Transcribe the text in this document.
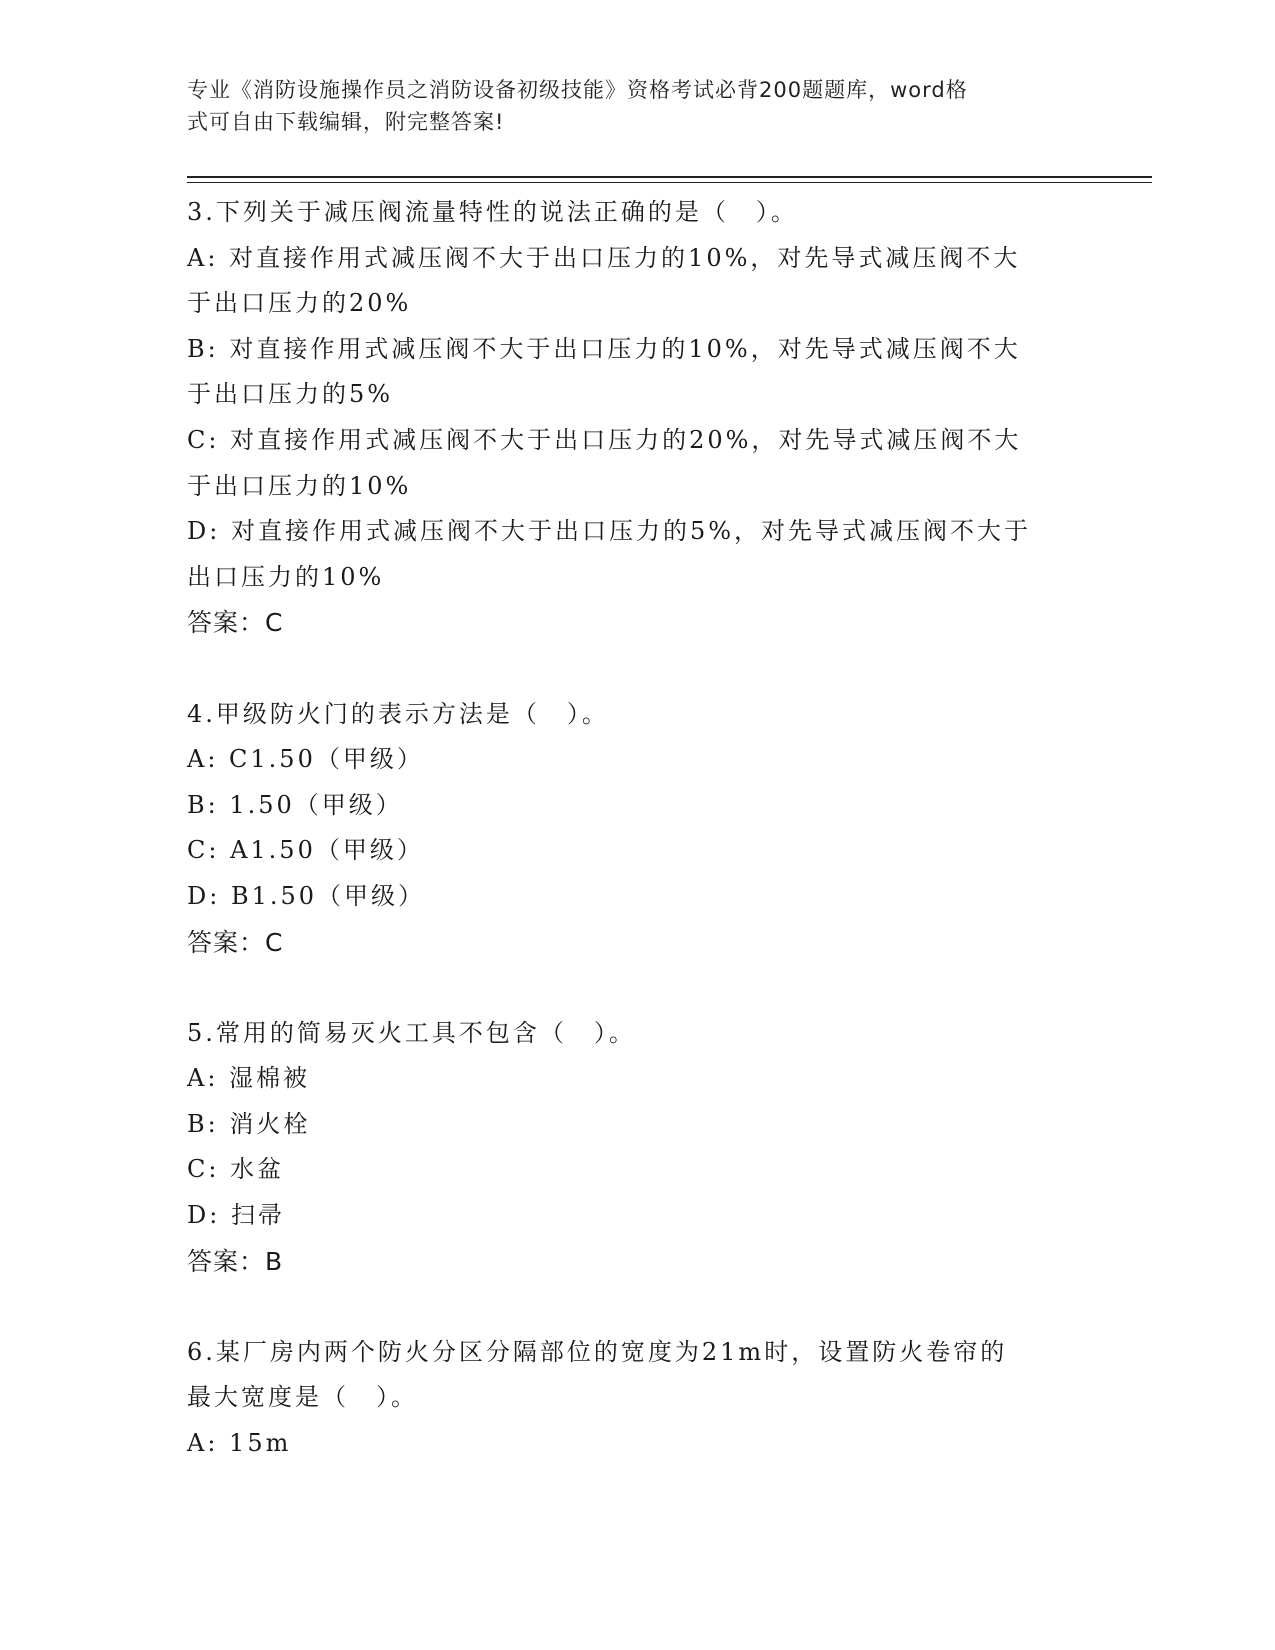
专业《消防设施操作员之消防设备初级技能》资格考试必背200题题库，word格
式可自由下载编辑，附完整答案!
3.下列关于减压阀流量特性的说法正确的是（　）。
A: 对直接作用式减压阀不大于出口压力的10%，对先导式减压阀不大
于出口压力的20%
B: 对直接作用式减压阀不大于出口压力的10%，对先导式减压阀不大
于出口压力的5%
C: 对直接作用式减压阀不大于出口压力的20%，对先导式减压阀不大
于出口压力的10%
D: 对直接作用式减压阀不大于出口压力的5%，对先导式减压阀不大于
出口压力的10%
答案：C
4.甲级防火门的表示方法是（　）。
A: C1.50（甲级）
B: 1.50（甲级）
C: A1.50（甲级）
D: B1.50（甲级）
答案：C
5.常用的简易灭火工具不包含（　）。
A: 湿棉被
B: 消火栓
C: 水盆
D: 扫帚
答案：B
6.某厂房内两个防火分区分隔部位的宽度为21m时，设置防火卷帘的
最大宽度是（　）。
A: 15m
